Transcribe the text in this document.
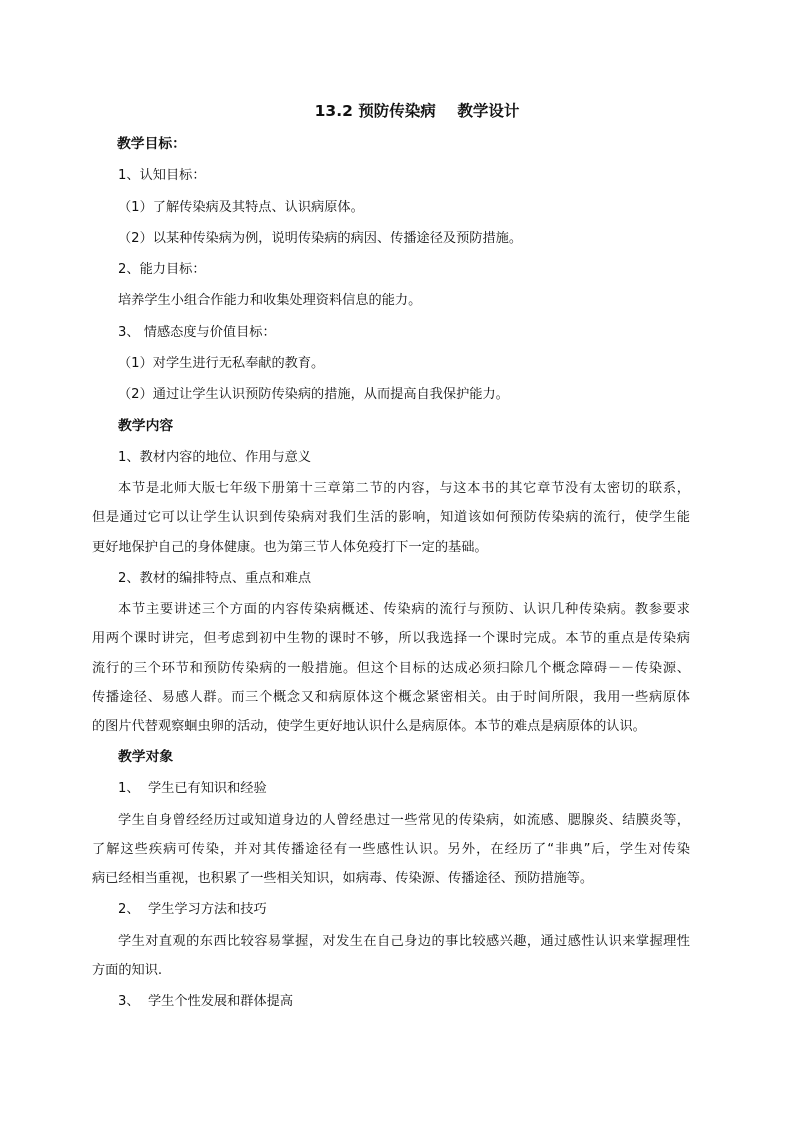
13.2 预防传染病    教学设计
教学目标：
1、认知目标：
（1）了解传染病及其特点、认识病原体。
（2）以某种传染病为例，说明传染病的病因、传播途径及预防措施。
2、能力目标：
培养学生小组合作能力和收集处理资料信息的能力。
3、 情感态度与价值目标：
（1）对学生进行无私奉献的教育。
（2）通过让学生认识预防传染病的措施，从而提高自我保护能力。
教学内容
1、教材内容的地位、作用与意义
本节是北师大版七年级下册第十三章第二节的内容，与这本书的其它章节没有太密切的联系，
但是通过它可以让学生认识到传染病对我们生活的影响，知道该如何预防传染病的流行，使学生能
更好地保护自己的身体健康。也为第三节人体免疫打下一定的基础。
2、教材的编排特点、重点和难点
本节主要讲述三个方面的内容传染病概述、传染病的流行与预防、认识几种传染病。教参要求
用两个课时讲完，但考虑到初中生物的课时不够，所以我选择一个课时完成。本节的重点是传染病
流行的三个环节和预防传染病的一般措施。但这个目标的达成必须扫除几个概念障碍－－传染源、
传播途径、易感人群。而三个概念又和病原体这个概念紧密相关。由于时间所限，我用一些病原体
的图片代替观察蛔虫卵的活动，使学生更好地认识什么是病原体。本节的难点是病原体的认识。
教学对象
1、  学生已有知识和经验
学生自身曾经经历过或知道身边的人曾经患过一些常见的传染病，如流感、腮腺炎、结膜炎等，
了解这些疾病可传染，并对其传播途径有一些感性认识。另外，在经历了“非典”后，学生对传染
病已经相当重视，也积累了一些相关知识，如病毒、传染源、传播途径、预防措施等。
2、  学生学习方法和技巧
学生对直观的东西比较容易掌握，对发生在自己身边的事比较感兴趣，通过感性认识来掌握理性
方面的知识.
3、  学生个性发展和群体提高
